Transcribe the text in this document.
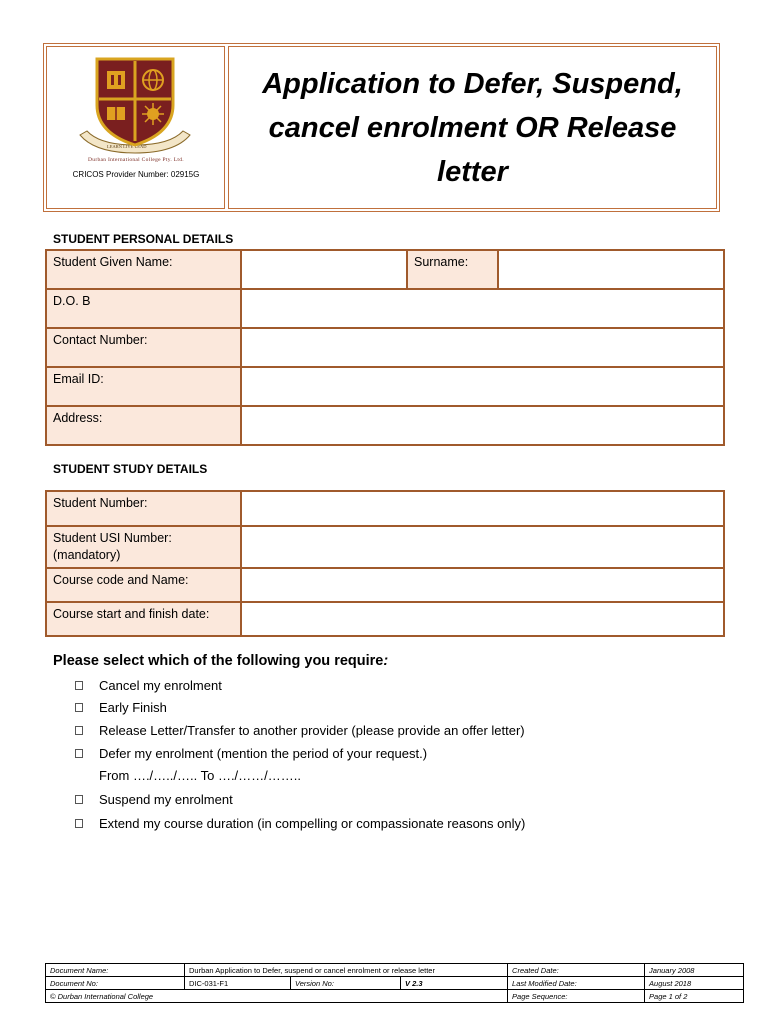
Application to Defer, Suspend, cancel enrolment OR Release letter
LEARN LIVE LEAD
Durban International College Pty. Ltd.
CRICOS Provider Number: 02915G
STUDENT PERSONAL DETAILS
Student Given Name:		Surname:	
D.O. B			
Contact Number:			
Email ID:			
Address:			
STUDENT STUDY DETAILS
Student Number:	
Student USI Number:
(mandatory)	
Course code and Name:	
Course start and finish date:	
Please select which of the following you require:
Cancel my enrolment
Early Finish
Release Letter/Transfer to another provider (please provide an offer letter)
Defer my enrolment (mention the period of your request.)
From …./…../….. To …./……/……..
Suspend my enrolment
Extend my course duration (in compelling or compassionate reasons only)
Document Name:	Durban Application to Defer, suspend or cancel enrolment or release letter			Created Date:	January 2008
Document No:	DIC-031-F1	Version No:	V 2.3	Last Modified Date:	August 2018
© Durban International College				Page Sequence:	Page 1 of 2
